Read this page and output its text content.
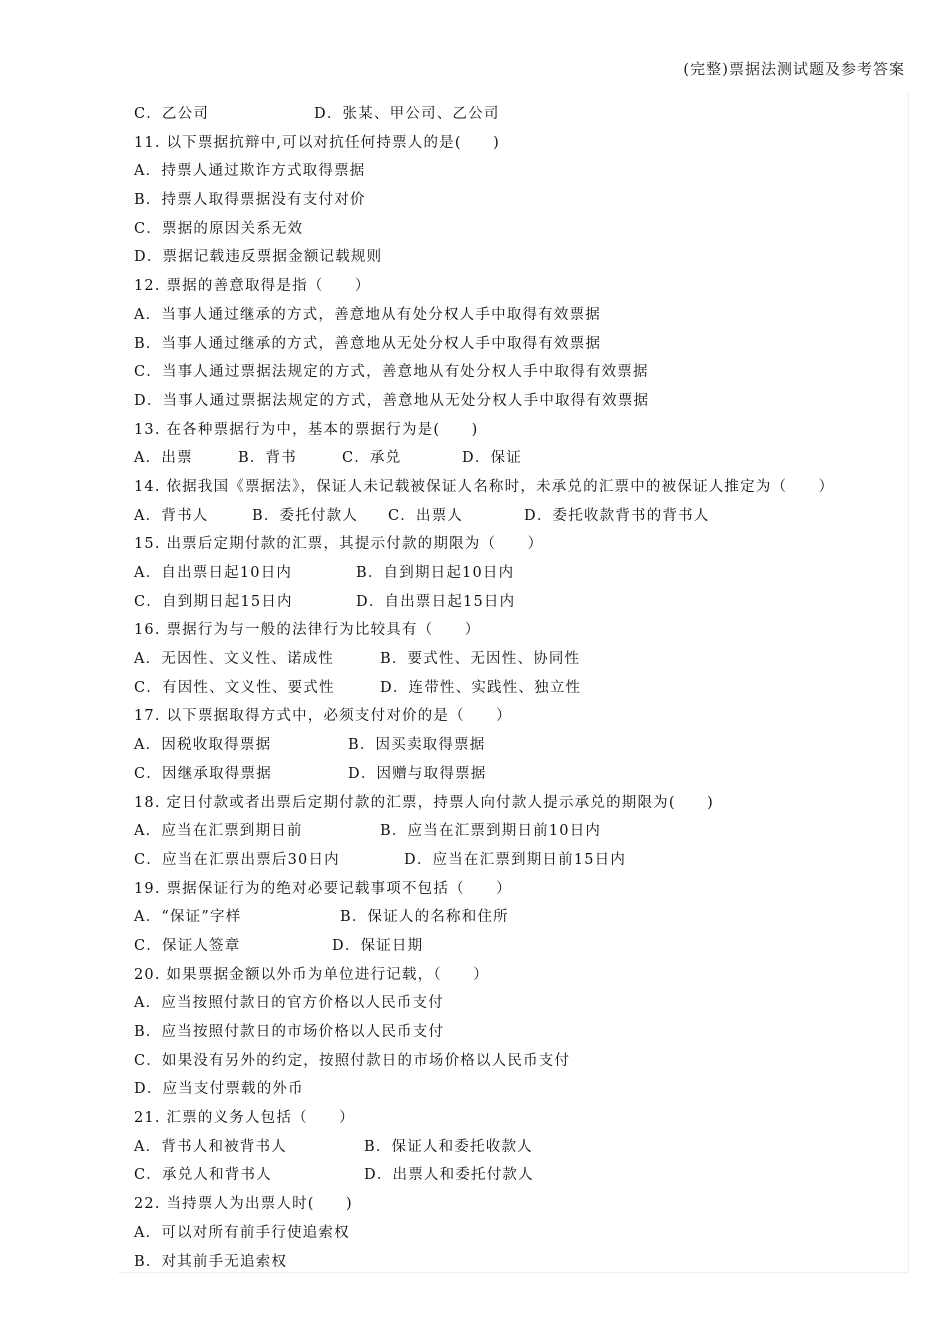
(完整)票据法测试题及参考答案
C．乙公司	D．张某、甲公司、乙公司
11. 以下票据抗辩中,可以对抗任何持票人的是(　　)
A．持票人通过欺诈方式取得票据
B．持票人取得票据没有支付对价
C．票据的原因关系无效
D．票据记载违反票据金额记载规则
12. 票据的善意取得是指（　　）
A．当事人通过继承的方式，善意地从有处分权人手中取得有效票据
B．当事人通过继承的方式，善意地从无处分权人手中取得有效票据
C．当事人通过票据法规定的方式，善意地从有处分权人手中取得有效票据
D．当事人通过票据法规定的方式，善意地从无处分权人手中取得有效票据
13. 在各种票据行为中，基本的票据行为是(　　)
A．出票	B．背书	C．承兑	D．保证
14. 依据我国《票据法》，保证人未记载被保证人名称时，未承兑的汇票中的被保证人推定为（　　）
A．背书人	B．委托付款人 C．出票人	D．委托收款背书的背书人
15. 出票后定期付款的汇票，其提示付款的期限为（　　）
A．自出票日起10日内	B．自到期日起10日内
C．自到期日起15日内	D．自出票日起15日内
16. 票据行为与一般的法律行为比较具有（　　）
A．无因性、文义性、诺成性	B．要式性、无因性、协同性
C．有因性、文义性、要式性	D．连带性、实践性、独立性
17. 以下票据取得方式中，必须支付对价的是（　　）
A．因税收取得票据	B．因买卖取得票据
C．因继承取得票据	D．因赠与取得票据
18. 定日付款或者出票后定期付款的汇票，持票人向付款人提示承兑的期限为(　　)
A．应当在汇票到期日前	B．应当在汇票到期日前10日内
C．应当在汇票出票后30日内	D．应当在汇票到期日前15日内
19. 票据保证行为的绝对必要记载事项不包括（　　）
A．“保证”字样	B．保证人的名称和住所
C．保证人签章	D．保证日期
20. 如果票据金额以外币为单位进行记载，（　　）
A．应当按照付款日的官方价格以人民币支付
B．应当按照付款日的市场价格以人民币支付
C．如果没有另外的约定，按照付款日的市场价格以人民币支付
D．应当支付票载的外币
21. 汇票的义务人包括（　　）
A．背书人和被背书人	B．保证人和委托收款人
C．承兑人和背书人	D．出票人和委托付款人
22. 当持票人为出票人时(　　)
A．可以对所有前手行使追索权
B．对其前手无追索权
